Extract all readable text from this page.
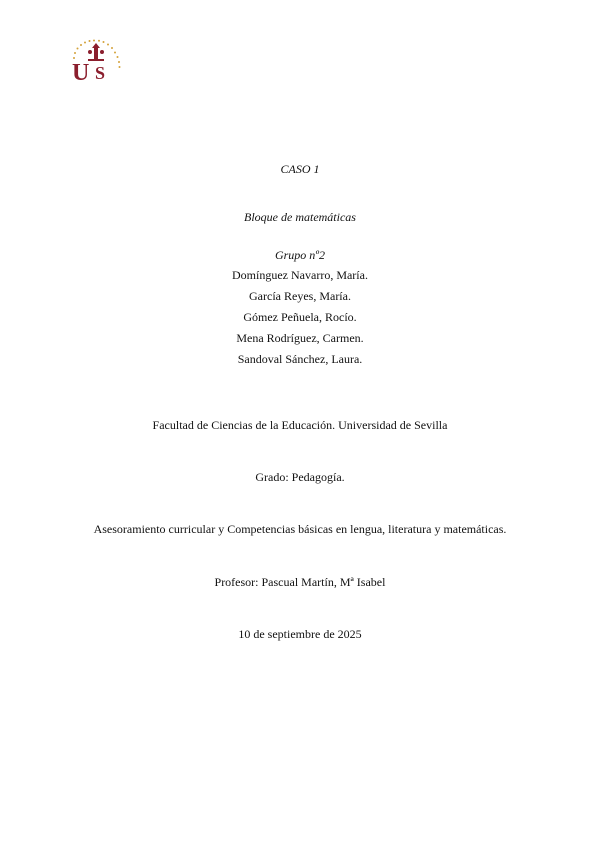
U S
CASO 1
Bloque de matemáticas
Grupo nº2
Domínguez Navarro, María.
García Reyes, María.
Gómez Peñuela, Rocío.
Mena Rodríguez, Carmen.
Sandoval Sánchez, Laura.
Facultad de Ciencias de la Educación. Universidad de Sevilla
Grado: Pedagogía.
Asesoramiento curricular y Competencias básicas en lengua, literatura y matemáticas.
Profesor: Pascual Martín, Mª Isabel
10 de septiembre de 2025
